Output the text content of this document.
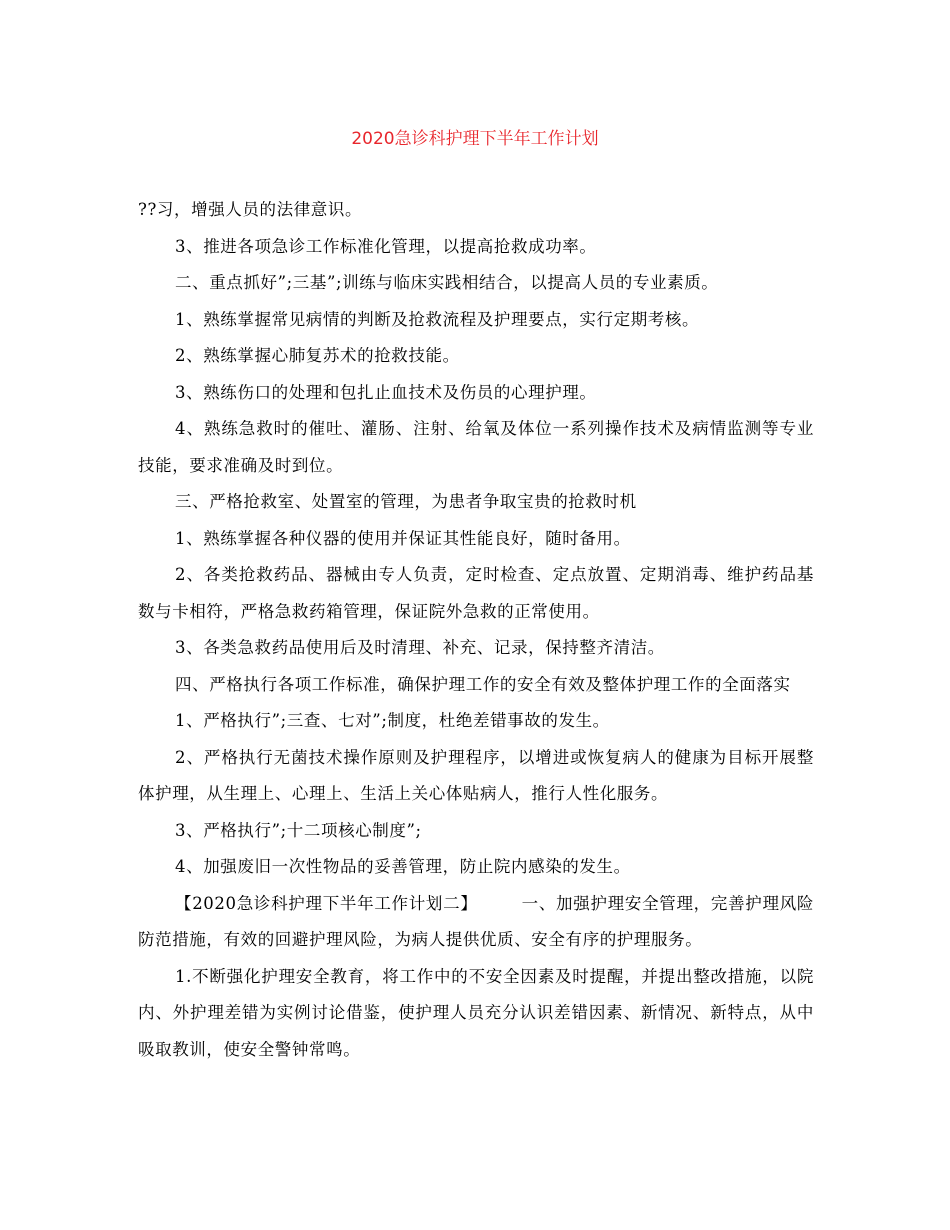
2020急诊科护理下半年工作计划

??习，增强人员的法律意识。

3、推进各项急诊工作标准化管理，以提高抢救成功率。

二、重点抓好”;三基”;训练与临床实践相结合，以提高人员的专业素质。

1、熟练掌握常见病情的判断及抢救流程及护理要点，实行定期考核。

2、熟练掌握心肺复苏术的抢救技能。

3、熟练伤口的处理和包扎止血技术及伤员的心理护理。

4、熟练急救时的催吐、灌肠、注射、给氧及体位一系列操作技术及病情监测等专业技能，要求准确及时到位。

三、严格抢救室、处置室的管理，为患者争取宝贵的抢救时机

1、熟练掌握各种仪器的使用并保证其性能良好，随时备用。

2、各类抢救药品、器械由专人负责，定时检查、定点放置、定期消毒、维护药品基数与卡相符，严格急救药箱管理，保证院外急救的正常使用。

3、各类急救药品使用后及时清理、补充、记录，保持整齐清洁。

四、严格执行各项工作标准，确保护理工作的安全有效及整体护理工作的全面落实

1、严格执行”;三查、七对”;制度，杜绝差错事故的发生。

2、严格执行无菌技术操作原则及护理程序，以增进或恢复病人的健康为目标开展整体护理，从生理上、心理上、生活上关心体贴病人，推行人性化服务。

3、严格执行”;十二项核心制度”;

4、加强废旧一次性物品的妥善管理，防止院内感染的发生。

【2020急诊科护理下半年工作计划二】	一、加强护理安全管理，完善护理风险防范措施，有效的回避护理风险，为病人提供优质、安全有序的护理服务。

1.不断强化护理安全教育，将工作中的不安全因素及时提醒，并提出整改措施，以院内、外护理差错为实例讨论借鉴，使护理人员充分认识差错因素、新情况、新特点，从中吸取教训，使安全警钟常鸣。
